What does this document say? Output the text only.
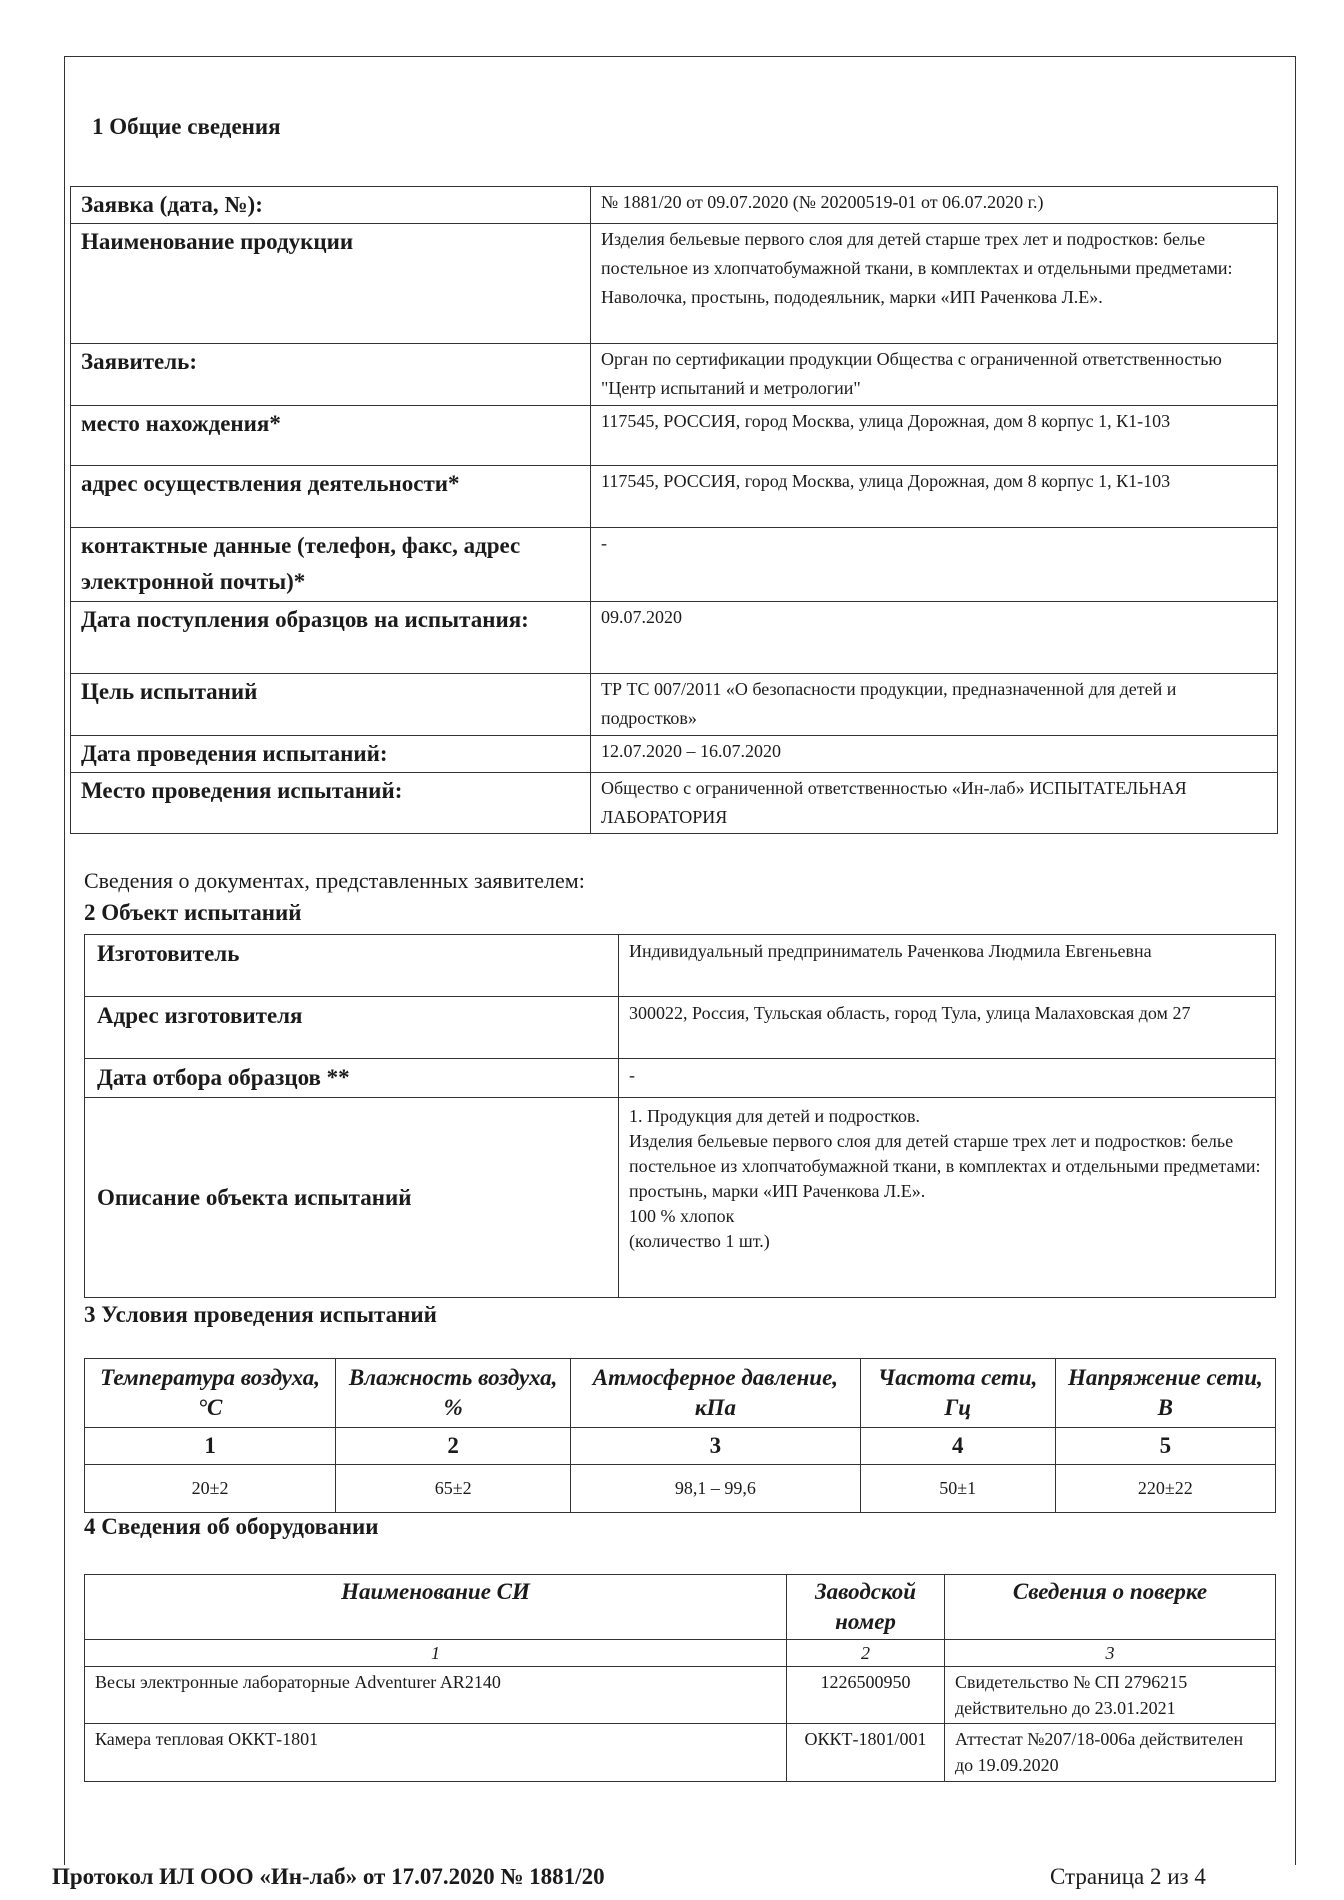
1 Общие сведения
Заявка (дата, №):	№ 1881/20 от 09.07.2020 (№ 20200519-01 от 06.07.2020 г.)
Наименование продукции	Изделия бельевые первого слоя для детей старше трех лет и подростков: белье постельное из хлопчатобумажной ткани, в комплектах и отдельными предметами: Наволочка, простынь, пододеяльник, марки «ИП Раченкова Л.Е».
Заявитель:	Орган по сертификации продукции Общества с ограниченной ответственностью "Центр испытаний и метрологии"
место нахождения*	117545, РОССИЯ, город Москва, улица Дорожная, дом 8 корпус 1, К1-103
адрес осуществления деятельности*	117545, РОССИЯ, город Москва, улица Дорожная, дом 8 корпус 1, К1-103
контактные данные (телефон, факс, адрес электронной почты)*	-
Дата поступления образцов на испытания:	09.07.2020
Цель испытаний	ТР ТС 007/2011 «О безопасности продукции, предназначенной для детей и подростков»
Дата проведения испытаний:	12.07.2020 – 16.07.2020
Место проведения испытаний:	Общество с ограниченной ответственностью «Ин-лаб» ИСПЫТАТЕЛЬНАЯ ЛАБОРАТОРИЯ
Сведения о документах, представленных заявителем:
2 Объект испытаний
Изготовитель	Индивидуальный предприниматель Раченкова Людмила Евгеньевна
Адрес изготовителя	300022, Россия, Тульская область, город Тула, улица Малаховская дом 27
Дата отбора образцов **	-
Описание объекта испытаний	1. Продукция для детей и подростков.
Изделия бельевые первого слоя для детей старше трех лет и подростков: белье постельное из хлопчатобумажной ткани, в комплектах и отдельными предметами: простынь, марки «ИП Раченкова Л.Е».
100 % хлопок
(количество 1 шт.)
3 Условия проведения испытаний
Температура воздуха, °С	Влажность воздуха, %	Атмосферное давление, кПа	Частота сети, Гц	Напряжение сети, В
1	2	3	4	5
20±2	65±2	98,1 – 99,6	50±1	220±22
4 Сведения об оборудовании
Наименование СИ	Заводской номер	Сведения о поверке
1	2	3
Весы электронные лабораторные Adventurer AR2140	1226500950	Свидетельство № СП 2796215 действительно до 23.01.2021
Камера тепловая ОККТ-1801	ОККТ-1801/001	Аттестат №207/18-006а действителен до 19.09.2020
Протокол ИЛ ООО «Ин-лаб» от 17.07.2020 № 1881/20	Страница 2 из 4
